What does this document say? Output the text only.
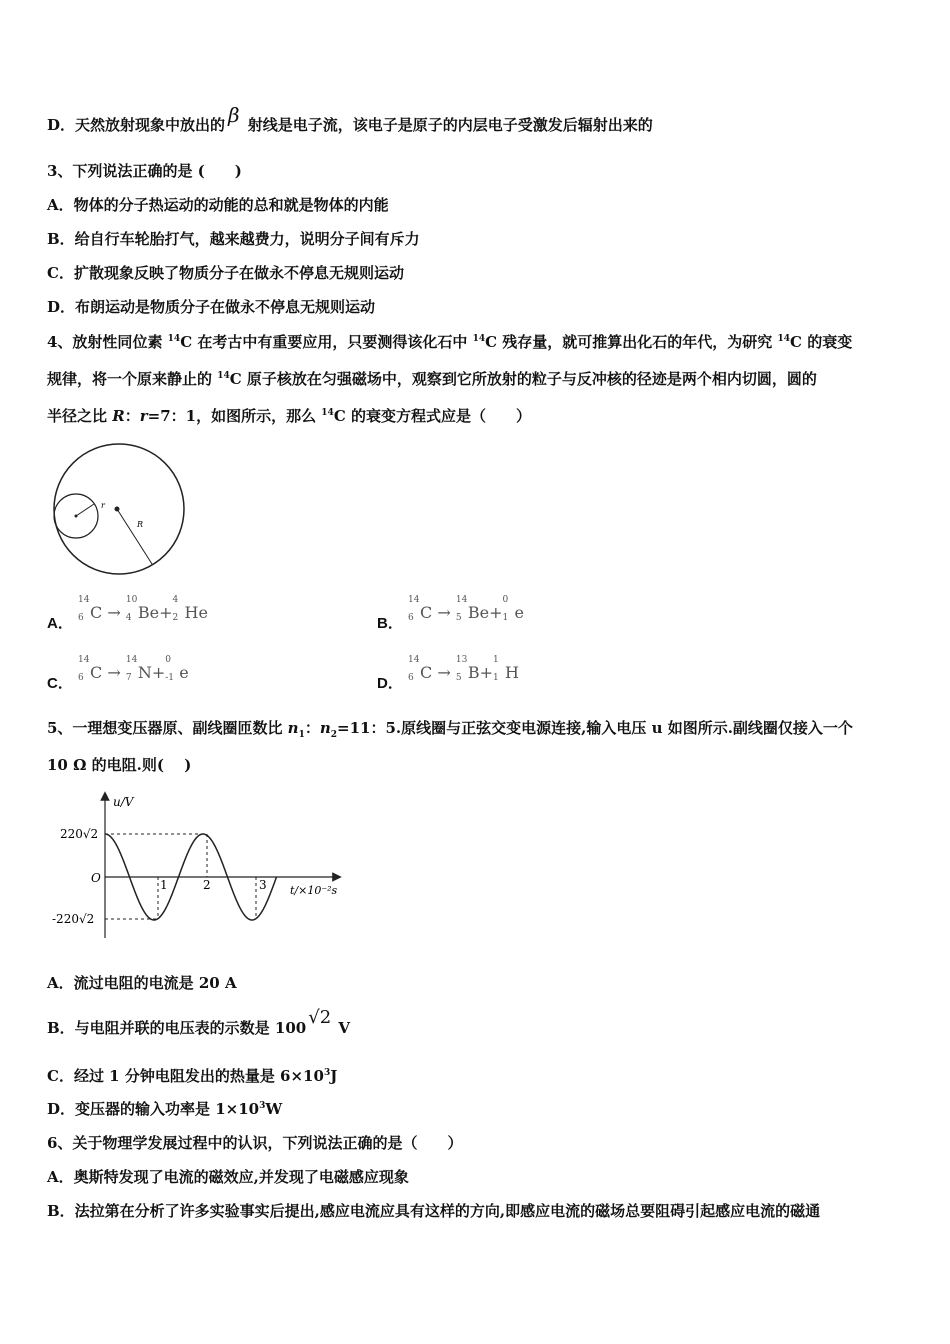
D．天然放射现象中放出的 β 射线是电子流，该电子是原子的内层电子受激发后辐射出来的
3、下列说法正确的是 (　　)
A．物体的分子热运动的动能的总和就是物体的内能
B．给自行车轮胎打气，越来越费力，说明分子间有斥力
C．扩散现象反映了物质分子在做永不停息无规则运动
D．布朗运动是物质分子在做永不停息无规则运动
4、放射性同位素 $^{14}$C 在考古中有重要应用，只要测得该化石中 $^{14}$C 残存量，就可推算出化石的年代，为研究 $^{14}$C 的衰变
规律，将一个原来静止的 $^{14}$C 原子核放在匀强磁场中，观察到它所放射的粒子与反冲核的径迹是两个相内切圆，圆的
半径之比 R：r=7：1，如图所示，那么 $^{14}$C 的衰变方程式应是（　　）
r
R
A．
14
6 C →
10
4 Be+
4
2 He
B．
14
6 C →
14
5 Be+
0
1 e
C．
14
6 C →
14
7 N+
0
-1 e
D．
14
6 C →
13
5 B+
1
1 H
5、一理想变压器原、副线圈匝数比 $n_1$：$n_2=11$：5.原线圈与正弦交变电源连接,输入电压 u 如图所示.副线圈仅接入一个
10 Ω 的电阻.则(　 )
u/V
t/×10⁻²s
O
220√2
-220√2
1	2	3
A．流过电阻的电流是 20 A
B．与电阻并联的电压表的示数是 100 √2 V
C．经过 1 分钟电阻发出的热量是 $6\times 10^3J$
D．变压器的输入功率是 $1\times 10^3W$
6、关于物理学发展过程中的认识，下列说法正确的是（　　）
A．奥斯特发现了电流的磁效应,并发现了电磁感应现象
B．法拉第在分析了许多实验事实后提出,感应电流应具有这样的方向,即感应电流的磁场总要阻碍引起感应电流的磁通
